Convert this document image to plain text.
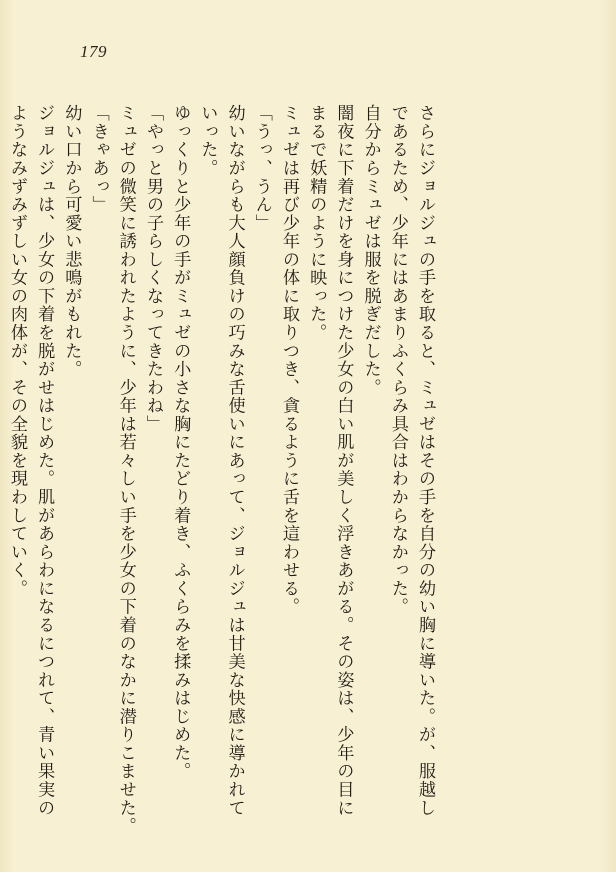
179
さらにジョルジュの手を取ると、ミュゼはその手を自分の幼い胸に導いた。が、服越し
であるため、少年にはあまりふくらみ具合はわからなかった。
自分からミュゼは服を脱ぎだした。
闇夜に下着だけを身につけた少女の白い肌が美しく浮きあがる。その姿は、少年の目に
まるで妖精のように映った。
ミュゼは再び少年の体に取りつき、貪るように舌を這わせる。
「うっ、うん」
幼いながらも大人顔負けの巧みな舌使いにあって、ジョルジュは甘美な快感に導かれて
いった。
ゆっくりと少年の手がミュゼの小さな胸にたどり着き、ふくらみを揉みはじめた。
「やっと男の子らしくなってきたわね」
ミュゼの微笑に誘われたように、少年は若々しい手を少女の下着のなかに潜りこませた。
「きゃあっ」
幼い口から可愛い悲鳴がもれた。
ジョルジュは、少女の下着を脱がせはじめた。肌があらわになるにつれて、青い果実の
ようなみずみずしい女の肉体が、その全貌を現わしていく。
